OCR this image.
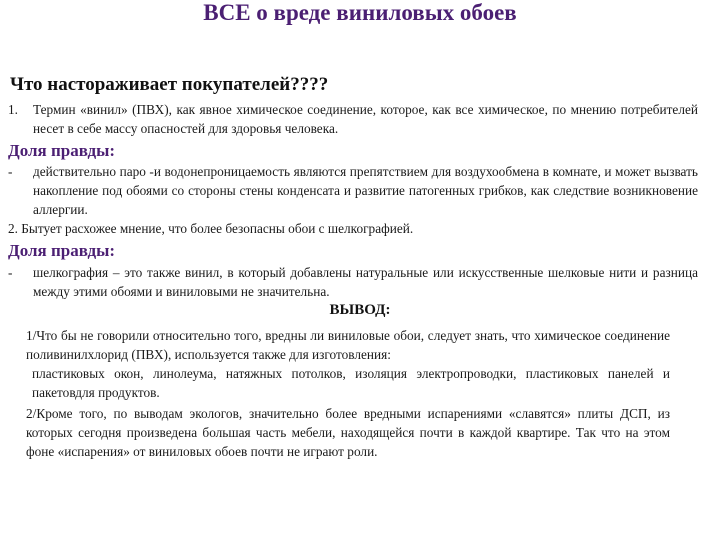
ВСЕ о вреде виниловых обоев
Что настораживает покупателей????
1. Термин «винил» (ПВХ), как явное химическое соединение, которое, как все химическое, по мнению потребителей несет в себе массу опасностей для здоровья человека.
Доля правды:
- действительно паро -и водонепроницаемость являются препятствием для воздухообмена в комнате, и может вызвать накопление под обоями со стороны стены конденсата и развитие патогенных грибков, как следствие возникновение аллергии.
2. Бытует расхожее мнение, что более безопасны обои с шелкографией.
Доля правды:
- шелкография – это также винил, в который добавлены натуральные или искусственные шелковые нити и разница между этими обоями и виниловыми не значительна.
ВЫВОД:
1/Что бы не говорили относительно того, вредны ли виниловые обои, следует знать, что химическое соединение поливинилхлорид (ПВХ), используется также для изготовления:
пластиковых окон, линолеума, натяжных потолков, изоляция электропроводки, пластиковых панелей и пакетовдля продуктов.
2/Кроме того, по выводам экологов, значительно более вредными испарениями «славятся» плиты ДСП, из которых сегодня произведена большая часть мебели, находящейся почти в каждой квартире. Так что на этом фоне «испарения» от виниловых обоев почти не играют роли.
